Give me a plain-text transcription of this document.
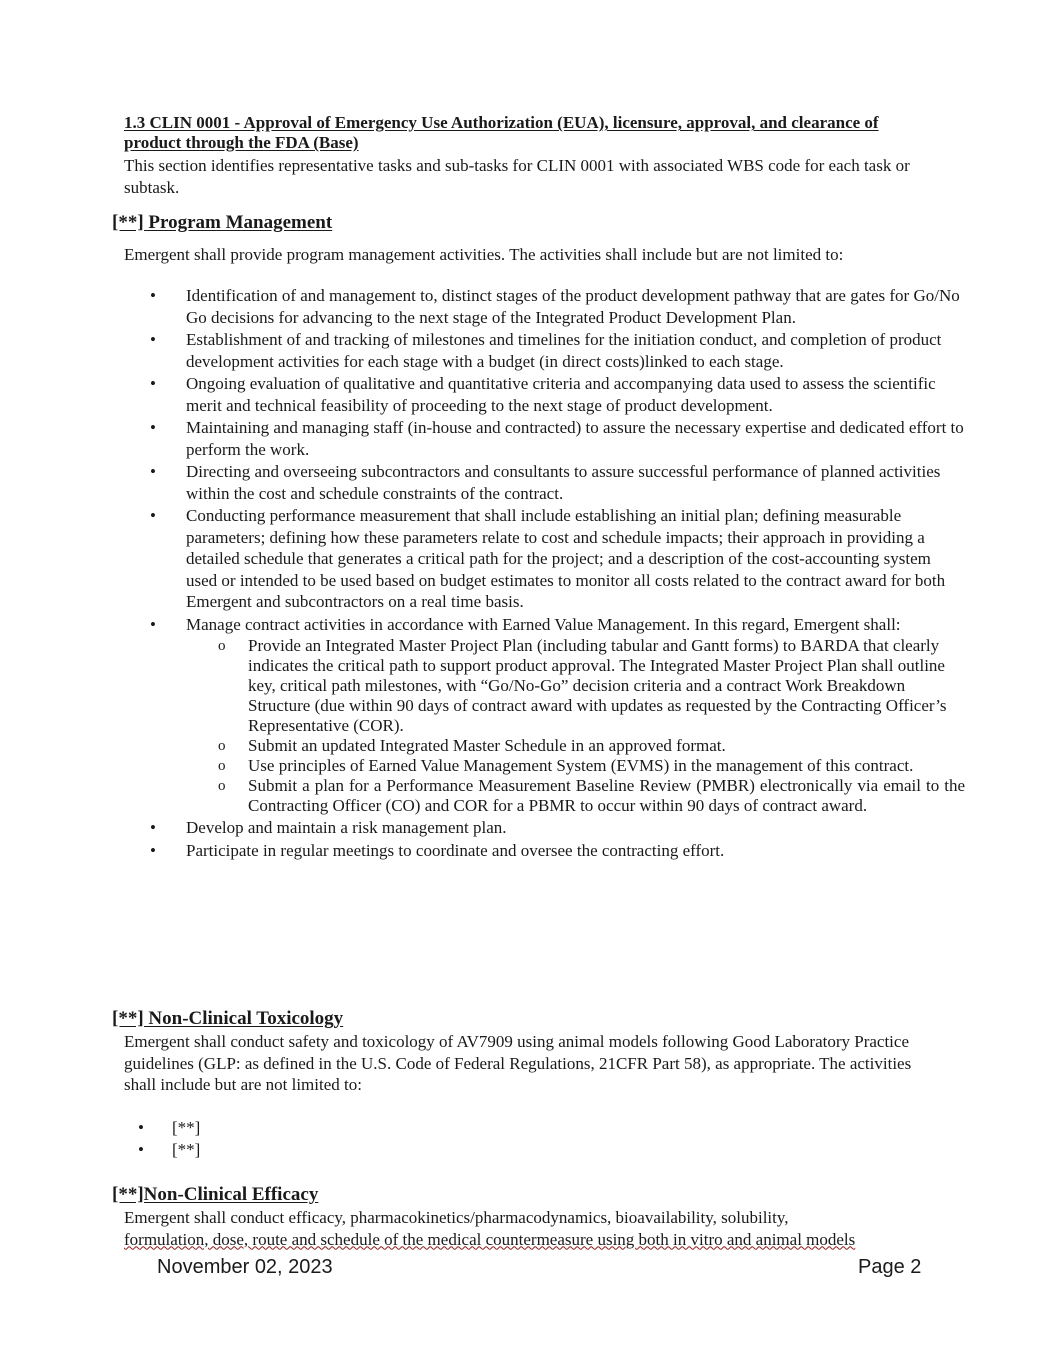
1.3 CLIN 0001 - Approval of Emergency Use Authorization (EUA), licensure, approval, and clearance of product through the FDA (Base)
This section identifies representative tasks and sub-tasks for CLIN 0001 with associated WBS code for each task or subtask.
[**] Program Management
Emergent shall provide program management activities. The activities shall include but are not limited to:
• Identification of and management to, distinct stages of the product development pathway that are gates for Go/No Go decisions for advancing to the next stage of the Integrated Product Development Plan.
• Establishment of and tracking of milestones and timelines for the initiation conduct, and completion of product development activities for each stage with a budget (in direct costs)linked to each stage.
• Ongoing evaluation of qualitative and quantitative criteria and accompanying data used to assess the scientific merit and technical feasibility of proceeding to the next stage of product development.
• Maintaining and managing staff (in-house and contracted) to assure the necessary expertise and dedicated effort to perform the work.
• Directing and overseeing subcontractors and consultants to assure successful performance of planned activities within the cost and schedule constraints of the contract.
• Conducting performance measurement that shall include establishing an initial plan; defining measurable parameters; defining how these parameters relate to cost and schedule impacts; their approach in providing a detailed schedule that generates a critical path for the project; and a description of the cost-accounting system used or intended to be used based on budget estimates to monitor all costs related to the contract award for both Emergent and subcontractors on a real time basis.
• Manage contract activities in accordance with Earned Value Management. In this regard, Emergent shall:
o Provide an Integrated Master Project Plan (including tabular and Gantt forms) to BARDA that clearly indicates the critical path to support product approval. The Integrated Master Project Plan shall outline key, critical path milestones, with “Go/No-Go” decision criteria and a contract Work Breakdown Structure (due within 90 days of contract award with updates as requested by the Contracting Officer’s Representative (COR).
o Submit an updated Integrated Master Schedule in an approved format.
o Use principles of Earned Value Management System (EVMS) in the management of this contract.
o Submit a plan for a Performance Measurement Baseline Review (PMBR) electronically via email to the Contracting Officer (CO) and COR for a PBMR to occur within 90 days of contract award.
• Develop and maintain a risk management plan.
• Participate in regular meetings to coordinate and oversee the contracting effort.
[**] Non-Clinical Toxicology
Emergent shall conduct safety and toxicology of AV7909 using animal models following Good Laboratory Practice guidelines (GLP: as defined in the U.S. Code of Federal Regulations, 21CFR Part 58), as appropriate. The activities shall include but are not limited to:
• [**]
• [**]
[**]Non-Clinical Efficacy
Emergent shall conduct efficacy, pharmacokinetics/pharmacodynamics, bioavailability, solubility,
formulation, dose, route and schedule of the medical countermeasure using both in vitro and animal models
November 02, 2023	Page 2
